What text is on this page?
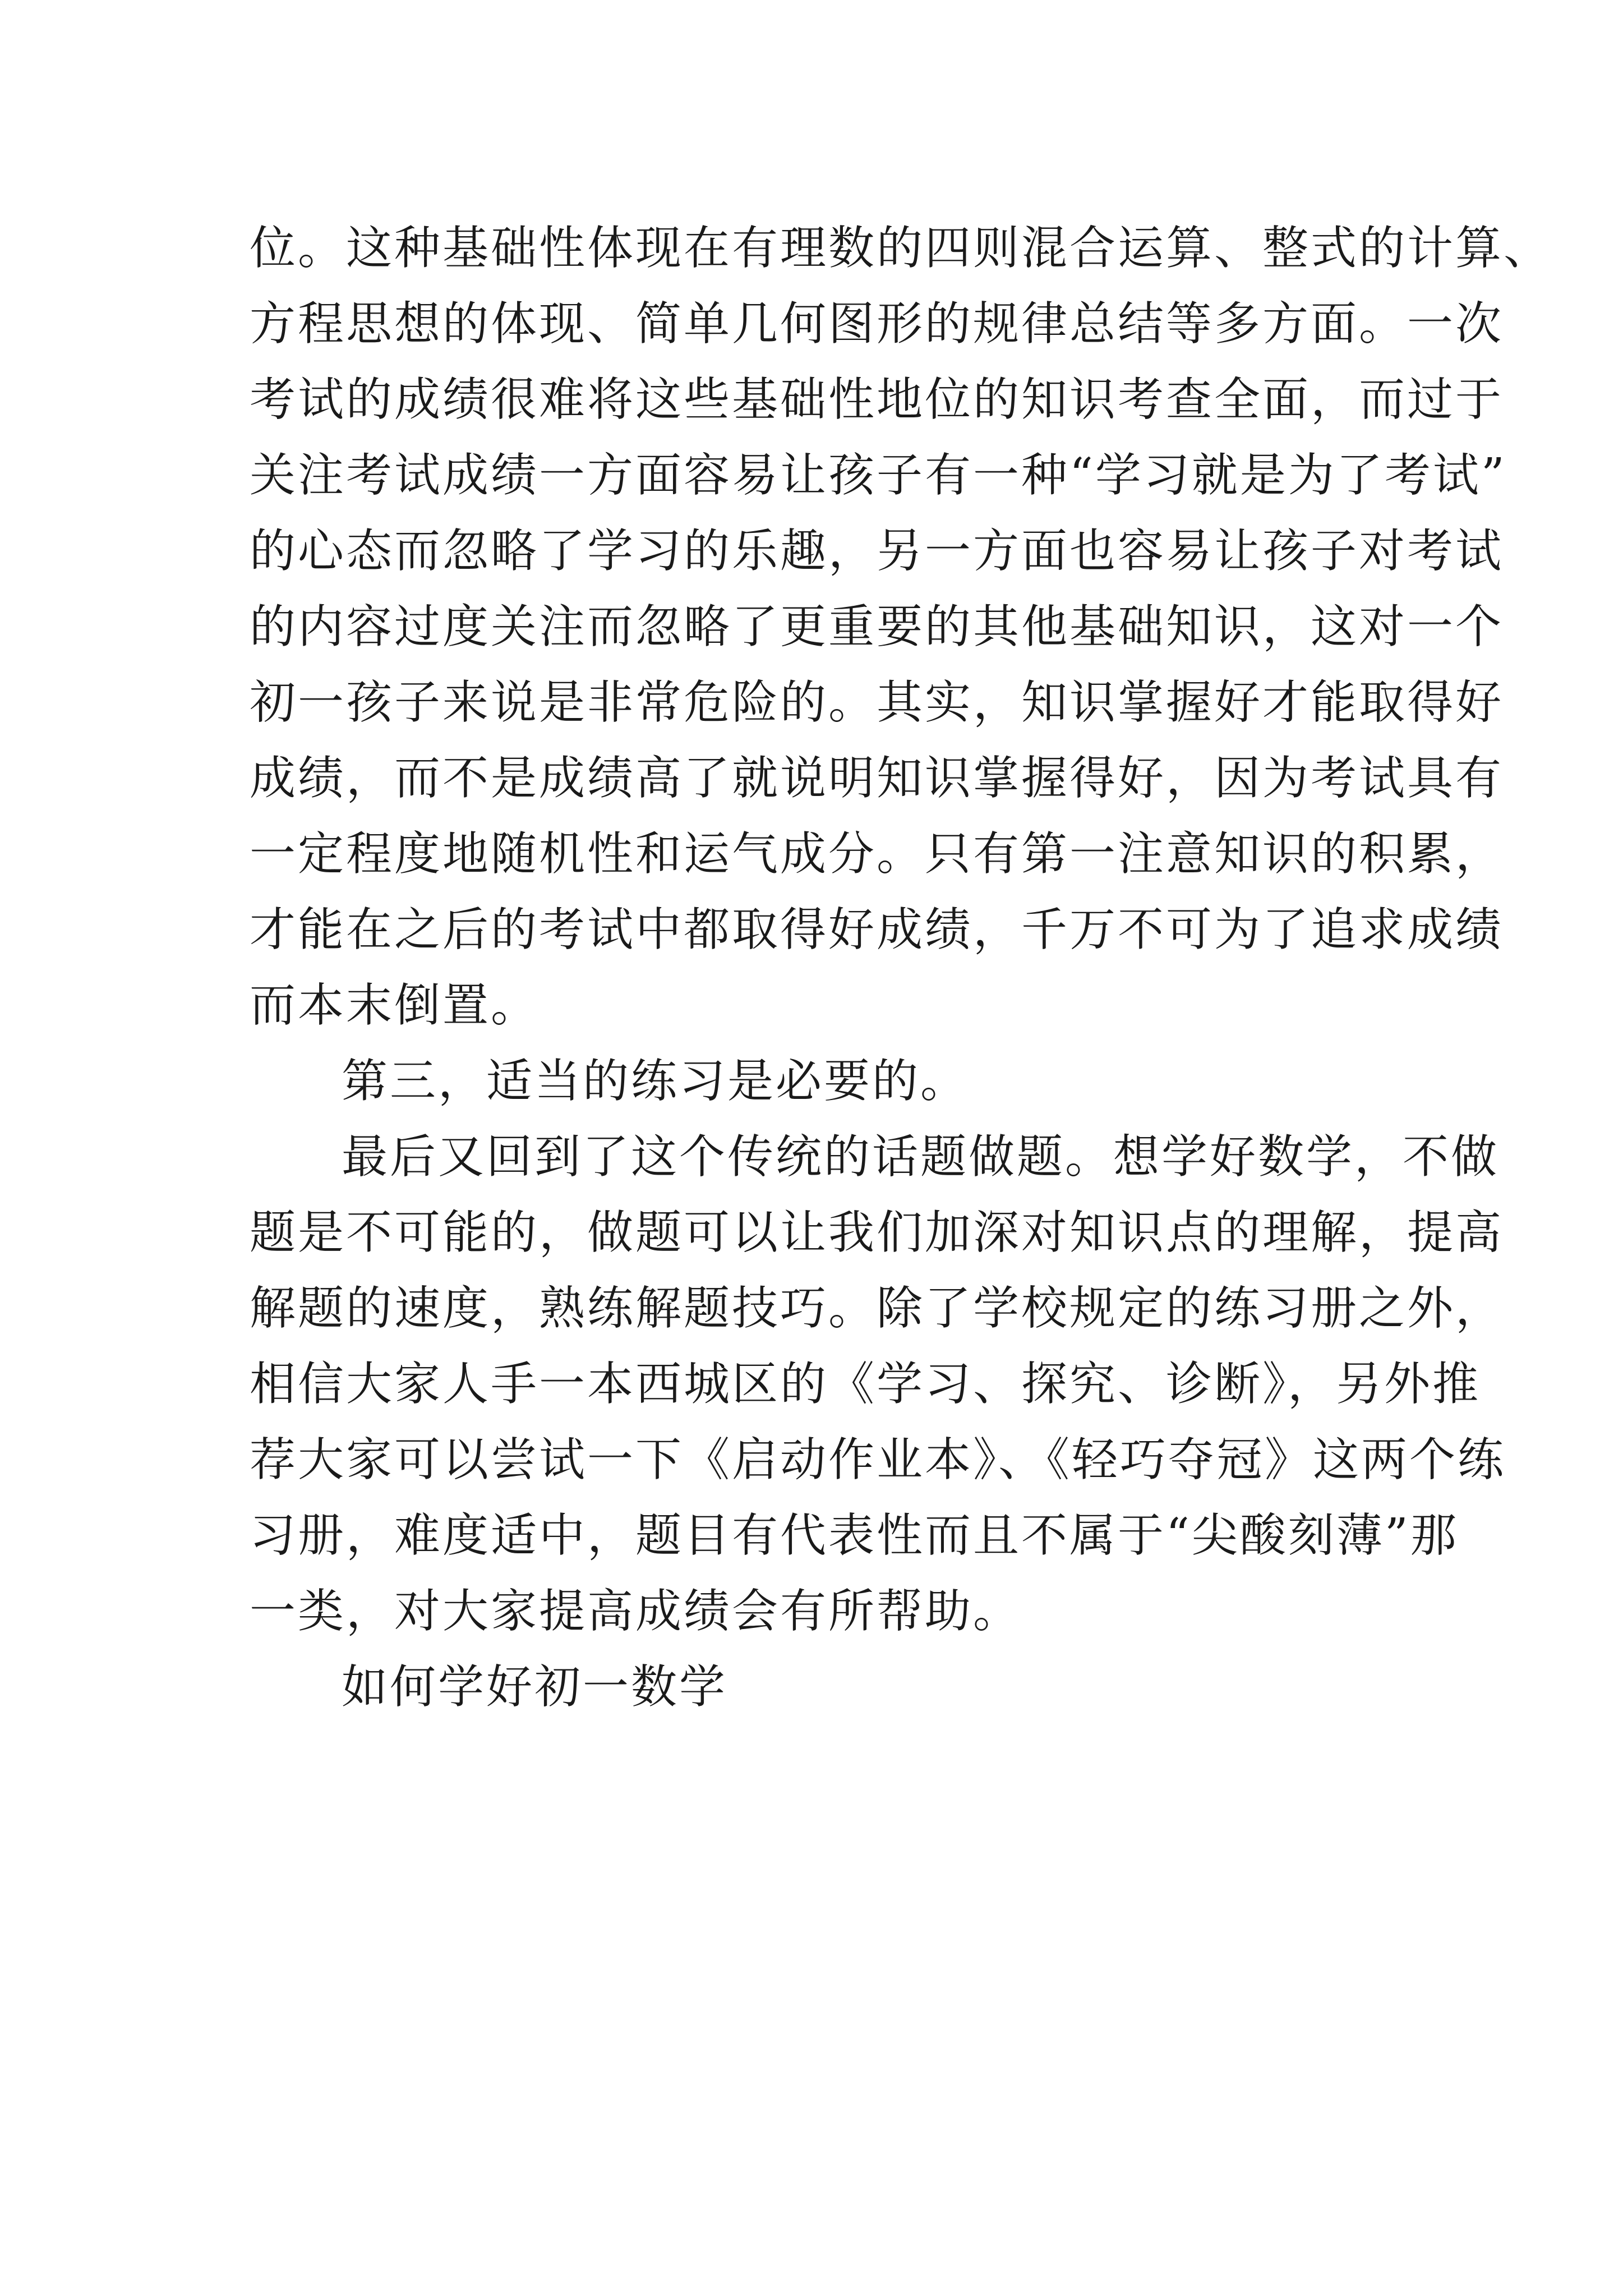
位。这种基础性体现在有理数的四则混合运算、整式的计算、
方程思想的体现、简单几何图形的规律总结等多方面。一次
考试的成绩很难将这些基础性地位的知识考查全面，而过于
关注考试成绩一方面容易让孩子有一种“学习就是为了考试”
的心态而忽略了学习的乐趣，另一方面也容易让孩子对考试
的内容过度关注而忽略了更重要的其他基础知识，这对一个
初一孩子来说是非常危险的。其实，知识掌握好才能取得好
成绩，而不是成绩高了就说明知识掌握得好，因为考试具有
一定程度地随机性和运气成分。只有第一注意知识的积累，
才能在之后的考试中都取得好成绩，千万不可为了追求成绩
而本末倒置。
第三，适当的练习是必要的。
最后又回到了这个传统的话题做题。想学好数学，不做
题是不可能的，做题可以让我们加深对知识点的理解，提高
解题的速度，熟练解题技巧。除了学校规定的练习册之外，
相信大家人手一本西城区的《学习、探究、诊断》，另外推
荐大家可以尝试一下《启动作业本》、《轻巧夺冠》这两个练
习册，难度适中，题目有代表性而且不属于“尖酸刻薄”那
一类，对大家提高成绩会有所帮助。
如何学好初一数学
